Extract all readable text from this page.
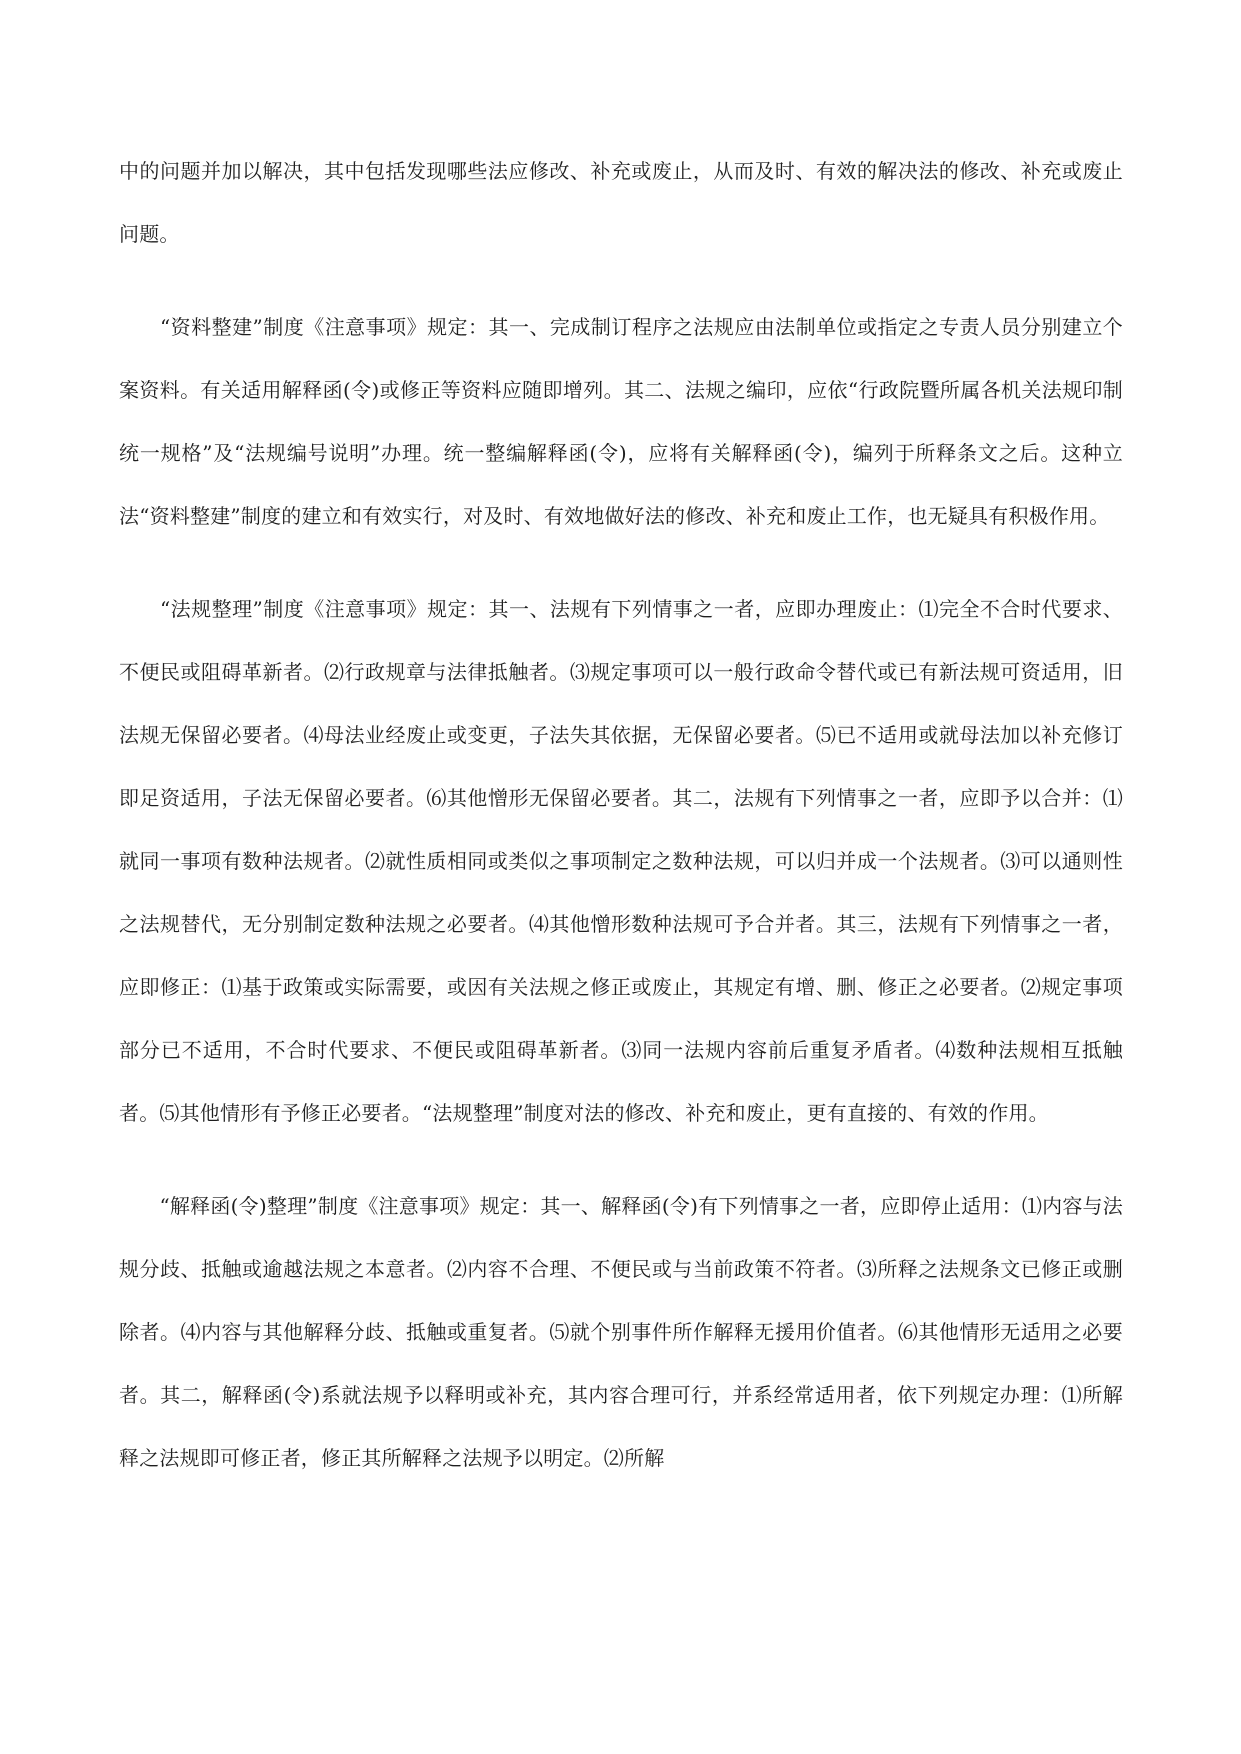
中的问题并加以解决，其中包括发现哪些法应修改、补充或废止，从而及时、有效的解决法的修改、补充或废止问题。

　　“资料整建”制度《注意事项》规定：其一、完成制订程序之法规应由法制单位或指定之专责人员分别建立个案资料。有关适用解释函(令)或修正等资料应随即增列。其二、法规之编印，应依“行政院暨所属各机关法规印制统一规格”及“法规编号说明”办理。统一整编解释函(令)，应将有关解释函(令)，编列于所释条文之后。这种立法“资料整建”制度的建立和有效实行，对及时、有效地做好法的修改、补充和废止工作，也无疑具有积极作用。

　　“法规整理”制度《注意事项》规定：其一、法规有下列情事之一者，应即办理废止：⑴完全不合时代要求、不便民或阻碍革新者。⑵行政规章与法律抵触者。⑶规定事项可以一般行政命令替代或已有新法规可资适用，旧法规无保留必要者。⑷母法业经废止或变更，子法失其依据，无保留必要者。⑸已不适用或就母法加以补充修订即足资适用，子法无保留必要者。⑹其他憎形无保留必要者。其二，法规有下列情事之一者，应即予以合并：⑴就同一事项有数种法规者。⑵就性质相同或类似之事项制定之数种法规，可以归并成一个法规者。⑶可以通则性之法规替代，无分别制定数种法规之必要者。⑷其他憎形数种法规可予合并者。其三，法规有下列情事之一者，应即修正：⑴基于政策或实际需要，或因有关法规之修正或废止，其规定有增、删、修正之必要者。⑵规定事项部分已不适用，不合时代要求、不便民或阻碍革新者。⑶同一法规内容前后重复矛盾者。⑷数种法规相互抵触者。⑸其他情形有予修正必要者。“法规整理”制度对法的修改、补充和废止，更有直接的、有效的作用。

　　“解释函(令)整理”制度《注意事项》规定：其一、解释函(令)有下列情事之一者，应即停止适用：⑴内容与法规分歧、抵触或逾越法规之本意者。⑵内容不合理、不便民或与当前政策不符者。⑶所释之法规条文已修正或删除者。⑷内容与其他解释分歧、抵触或重复者。⑸就个别事件所作解释无援用价值者。⑹其他情形无适用之必要者。其二，解释函(令)系就法规予以释明或补充，其内容合理可行，并系经常适用者，依下列规定办理：⑴所解释之法规即可修正者，修正其所解释之法规予以明定。⑵所解
